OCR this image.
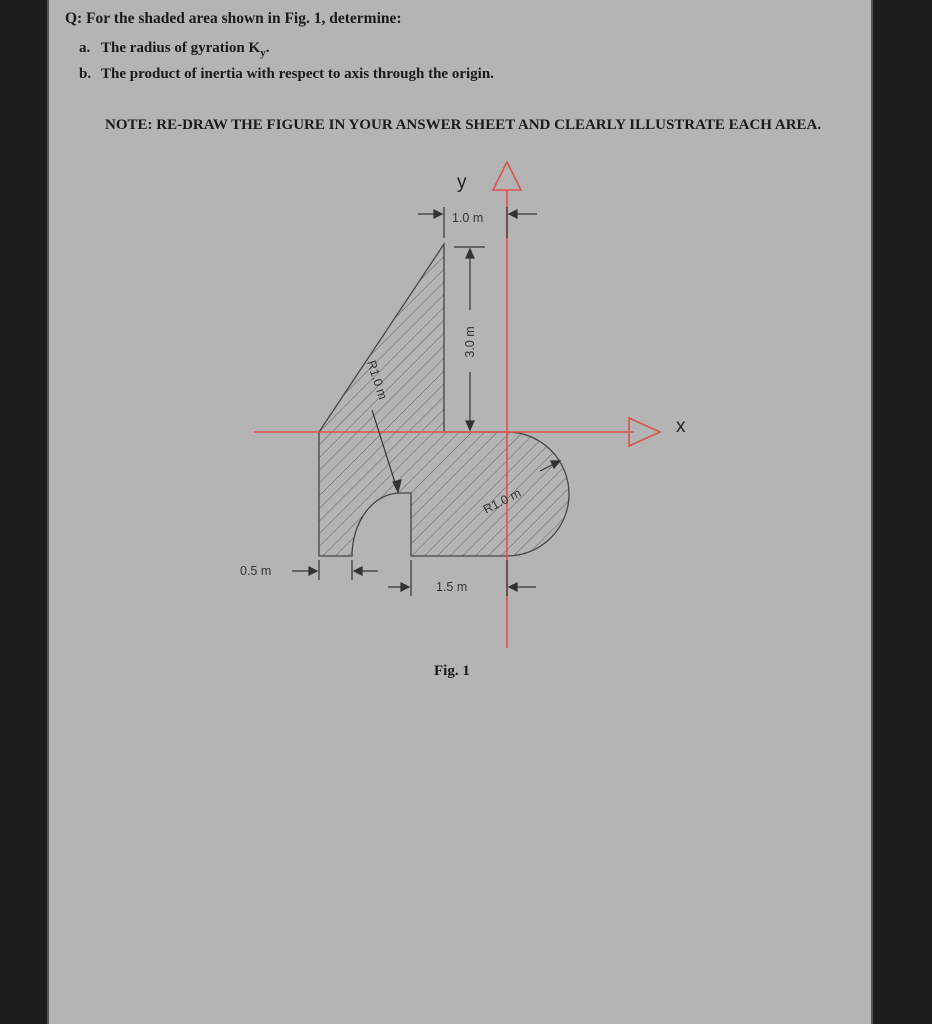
Q: For the shaded area shown in Fig. 1, determine:
a. The radius of gyration $K_y$.
b. The product of inertia with respect to axis through the origin.
NOTE: RE-DRAW THE FIGURE IN YOUR ANSWER SHEET AND CLEARLY ILLUSTRATE EACH AREA.
Fig. 1
x
y
1.0 m
3.0 m
R1.0 m
R1.0 m
0.5 m
1.5 m
